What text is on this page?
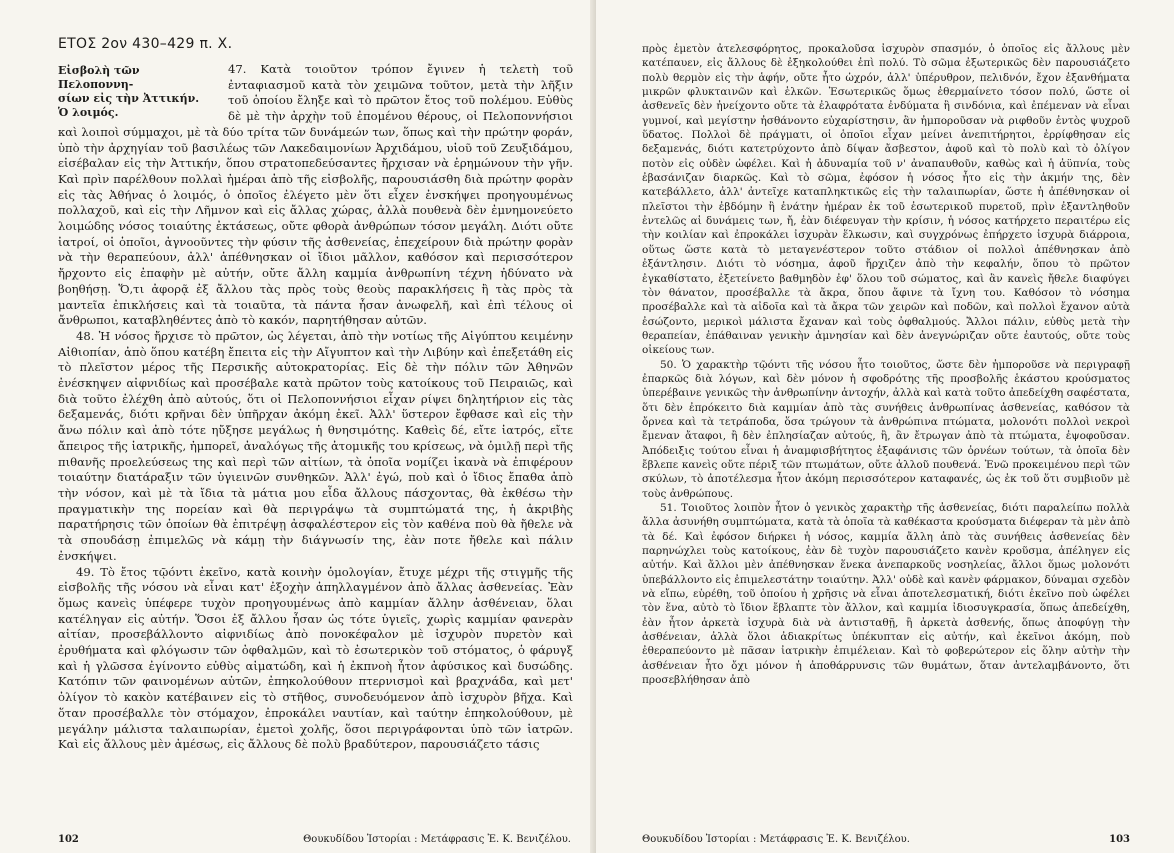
ΕΤΟΣ 2ον 430–429 π. Χ.
Εἰσβολὴ τῶν Πελοποννη-
σίων εἰς τὴν Ἀττικήν.
Ὁ λοιμός.

47. Κατὰ τοιοῦτον τρόπον ἔγινεν ἡ τελετὴ τοῦ ἐνταφιασμοῦ κατὰ τὸν χειμῶνα τοῦτον, μετὰ τὴν λῆξιν τοῦ ὁποίου ἔληξε καὶ τὸ πρῶτον ἔτος τοῦ πολέμου. Εὐθὺς δὲ μὲ τὴν ἀρχὴν τοῦ ἐπομένου θέρους, οἱ Πελοποννήσιοι καὶ λοιποὶ σύμμαχοι, μὲ τὰ δύο τρίτα τῶν δυνάμεών των, ὅπως καὶ τὴν πρώτην φοράν, ὑπὸ τὴν ἀρχηγίαν τοῦ βασιλέως τῶν Λακεδαιμονίων Ἀρχιδάμου, υἱοῦ τοῦ Ζευξιδάμου, εἰσέβαλαν εἰς τὴν Ἀττικήν, ὅπου στρατοπεδεύσαντες ἤρχισαν νὰ ἐρημώνουν τὴν γῆν. Καὶ πρὶν παρέλθουν πολλαὶ ἡμέραι ἀπὸ τῆς εἰσβολῆς, παρουσιάσθη διὰ πρώτην φορὰν εἰς τὰς Ἀθήνας ὁ λοιμός, ὁ ὁποῖος ἐλέγετο μὲν ὅτι εἶχεν ἐνσκήψει προηγουμένως πολλαχοῦ, καὶ εἰς τὴν Λῆμνον καὶ εἰς ἄλλας χώρας, ἀλλὰ πουθενὰ δὲν ἐμνημονεύετο λοιμώδης νόσος τοιαύτης ἐκτάσεως, οὔτε φθορὰ ἀνθρώπων τόσον μεγάλη. Διότι οὔτε ἰατροί, οἱ ὁποῖοι, ἀγνοοῦντες τὴν φύσιν τῆς ἀσθενείας, ἐπεχείρουν διὰ πρώτην φορὰν νὰ τὴν θεραπεύουν, ἀλλ' ἀπέθνησκαν οἱ ἴδιοι μᾶλλον, καθόσον καὶ περισσότερον ἤρχοντο εἰς ἐπαφὴν μὲ αὐτήν, οὔτε ἄλλη καμμία ἀνθρωπίνη τέχνη ἠδύνατο νὰ βοηθήσῃ. Ὅ,τι ἀφορᾷ ἐξ ἄλλου τὰς πρὸς τοὺς θεοὺς παρακλήσεις ἢ τὰς πρὸς τὰ μαντεῖα ἐπικλήσεις καὶ τὰ τοιαῦτα, τὰ πάντα ἦσαν ἀνωφελῆ, καὶ ἐπὶ τέλους οἱ ἄνθρωποι, καταβληθέντες ἀπὸ τὸ κακόν, παρητήθησαν αὐτῶν.

48. Ἡ νόσος ἤρχισε τὸ πρῶτον, ὡς λέγεται, ἀπὸ τὴν νοτίως τῆς Αἰγύπτου κειμένην Αἰθιοπίαν, ἀπὸ ὅπου κατέβη ἔπειτα εἰς τὴν Αἴγυπτον καὶ τὴν Λιβύην καὶ ἐπεξετάθη εἰς τὸ πλεῖστον μέρος τῆς Περσικῆς αὐτοκρατορίας. Εἰς δὲ τὴν πόλιν τῶν Ἀθηνῶν ἐνέσκηψεν αἰφνιδίως καὶ προσέβαλε κατὰ πρῶτον τοὺς κατοίκους τοῦ Πειραιῶς, καὶ διὰ τοῦτο ἐλέχθη ἀπὸ αὐτούς, ὅτι οἱ Πελοποννήσιοι εἶχαν ρίψει δηλητήριον εἰς τὰς δεξαμενάς, διότι κρῆναι δὲν ὑπῆρχαν ἀκόμη ἐκεῖ. Ἀλλ' ὕστερον ἔφθασε καὶ εἰς τὴν ἄνω πόλιν καὶ ἀπὸ τότε ηὔξησε μεγάλως ἡ θνησιμότης. Καθεὶς δέ, εἴτε ἰατρός, εἴτε ἄπειρος τῆς ἰατρικῆς, ἠμπορεῖ, ἀναλόγως τῆς ἀτομικῆς του κρίσεως, νὰ ὁμιλῇ περὶ τῆς πιθανῆς προελεύσεως της καὶ περὶ τῶν αἰτίων, τὰ ὁποῖα νομίζει ἱκανὰ νὰ ἐπιφέρουν τοιαύτην διατάραξιν τῶν ὑγιεινῶν συνθηκῶν. Ἀλλ' ἐγώ, ποὺ καὶ ὁ ἴδιος ἔπαθα ἀπὸ τὴν νόσον, καὶ μὲ τὰ ἴδια τὰ μάτια μου εἶδα ἄλλους πάσχοντας, θὰ ἐκθέσω τὴν πραγματικὴν της πορείαν καὶ θὰ περιγράψω τὰ συμπτώματά της, ἡ ἀκριβὴς παρατήρησις τῶν ὁποίων θὰ ἐπιτρέψῃ ἀσφαλέστερον εἰς τὸν καθένα ποὺ θὰ ἤθελε νὰ τὰ σπουδάσῃ ἐπιμελῶς νὰ κάμῃ τὴν διάγνωσίν της, ἐὰν ποτε ἤθελε καὶ πάλιν ἐνσκήψει.

49. Τὸ ἔτος τῷόντι ἐκεῖνο, κατὰ κοινὴν ὁμολογίαν, ἔτυχε μέχρι τῆς στιγμῆς τῆς εἰσβολῆς τῆς νόσου νὰ εἶναι κατ' ἐξοχὴν ἀπηλλαγμένον ἀπὸ ἄλλας ἀσθενείας. Ἐὰν ὅμως κανεὶς ὑπέφερε τυχὸν προηγουμένως ἀπὸ καμμίαν ἄλλην ἀσθένειαν, ὅλαι κατέληγαν εἰς αὐτήν. Ὅσοι ἐξ ἄλλου ἦσαν ὡς τότε ὑγιεῖς, χωρὶς καμμίαν φανερὰν αἰτίαν, προσεβάλλοντο αἰφνιδίως ἀπὸ πονοκέφαλον μὲ ἰσχυρὸν πυρετὸν καὶ ἐρυθήματα καὶ φλόγωσιν τῶν ὀφθαλμῶν, καὶ τὸ ἐσωτερικὸν τοῦ στόματος, ὁ φάρυγξ καὶ ἡ γλῶσσα ἐγίνοντο εὐθὺς αἱματώδη, καὶ ἡ ἐκπνοὴ ἦτον ἀφύσικος καὶ δυσώδης. Κατόπιν τῶν φαινομένων αὐτῶν, ἐπηκολούθουν πτερνισμοὶ καὶ βραχνάδα, καὶ μετ' ὀλίγον τὸ κακὸν κατέβαινεν εἰς τὸ στῆθος, συνοδευόμενον ἀπὸ ἰσχυρὸν βῆχα. Καὶ ὅταν προσέβαλλε τὸν στόμαχον, ἐπροκάλει ναυτίαν, καὶ ταύτην ἐπηκολούθουν, μὲ μεγάλην μάλιστα ταλαιπωρίαν, ἐμετοὶ χολῆς, ὅσοι περιγράφονται ὑπὸ τῶν ἰατρῶν. Καὶ εἰς ἄλλους μὲν ἀμέσως, εἰς ἄλλους δὲ πολὺ βραδύτερον, παρουσιάζετο τάσις

102	Θουκυδίδου Ἱστορίαι : Μετάφρασις Ἐ. Κ. Βενιζέλου.

πρὸς ἐμετὸν ἀτελεσφόρητος, προκαλοῦσα ἰσχυρὸν σπασμόν, ὁ ὁποῖος εἰς ἄλλους μὲν κατέπαυεν, εἰς ἄλλους δὲ ἐξηκολούθει ἐπὶ πολύ. Τὸ σῶμα ἐξωτερικῶς δὲν παρουσιάζετο πολὺ θερμὸν εἰς τὴν ἁφήν, οὔτε ἦτο ὠχρόν, ἀλλ' ὑπέρυθρον, πελιδνόν, ἔχον ἐξανθήματα μικρῶν φλυκταινῶν καὶ ἑλκῶν. Ἐσωτερικῶς ὅμως ἐθερμαίνετο τόσον πολύ, ὥστε οἱ ἀσθενεῖς δὲν ἠνείχοντο οὔτε τὰ ἐλαφρότατα ἐνδύματα ἢ σινδόνια, καὶ ἐπέμεναν νὰ εἶναι γυμνοί, καὶ μεγίστην ἠσθάνοντο εὐχαρίστησιν, ἂν ἠμποροῦσαν νὰ ριφθοῦν ἐντὸς ψυχροῦ ὕδατος. Πολλοὶ δὲ πράγματι, οἱ ὁποῖοι εἶχαν μείνει ἀνεπιτήρητοι, ἐρρίφθησαν εἰς δεξαμενάς, διότι κατετρύχοντο ἀπὸ δίψαν ἄσβεστον, ἀφοῦ καὶ τὸ πολὺ καὶ τὸ ὀλίγον ποτὸν εἰς οὐδὲν ὠφέλει. Καὶ ἡ ἀδυναμία τοῦ ν' ἀναπαυθοῦν, καθὼς καὶ ἡ ἀϋπνία, τοὺς ἐβασάνιζαν διαρκῶς. Καὶ τὸ σῶμα, ἐφόσον ἡ νόσος ἦτο εἰς τὴν ἀκμήν της, δὲν κατεβάλλετο, ἀλλ' ἀντεῖχε καταπληκτικῶς εἰς τὴν ταλαιπωρίαν, ὥστε ἡ ἀπέθνησκαν οἱ πλεῖστοι τὴν ἐβδόμην ἢ ἐνάτην ἡμέραν ἐκ τοῦ ἐσωτερικοῦ πυρετοῦ, πρὶν ἐξαντληθοῦν ἐντελῶς αἱ δυνάμεις των, ἤ, ἐὰν διέφευγαν τὴν κρίσιν, ἡ νόσος κατήρχετο περαιτέρω εἰς τὴν κοιλίαν καὶ ἐπροκάλει ἰσχυρὰν ἕλκωσιν, καὶ συγχρόνως ἐπήρχετο ἰσχυρὰ διάρροια, οὕτως ὥστε κατὰ τὸ μεταγενέστερον τοῦτο στάδιον οἱ πολλοὶ ἀπέθνησκαν ἀπὸ ἐξάντλησιν. Διότι τὸ νόσημα, ἀφοῦ ἤρχιζεν ἀπὸ τὴν κεφαλήν, ὅπου τὸ πρῶτον ἐγκαθίστατο, ἐξετείνετο βαθμηδὸν ἐφ' ὅλου τοῦ σώματος, καὶ ἂν κανεὶς ἤθελε διαφύγει τὸν θάνατον, προσέβαλλε τὰ ἄκρα, ὅπου ἄφινε τὰ ἴχνη του. Καθόσον τὸ νόσημα προσέβαλλε καὶ τὰ αἰδοῖα καὶ τὰ ἄκρα τῶν χειρῶν καὶ ποδῶν, καὶ πολλοὶ ἔχανον αὐτὰ ἐσώζοντο, μερικοὶ μάλιστα ἔχαναν καὶ τοὺς ὀφθαλμούς. Ἄλλοι πάλιν, εὐθὺς μετὰ τὴν θεραπείαν, ἐπάθαιναν γενικὴν ἀμνησίαν καὶ δὲν ἀνεγνώριζαν οὔτε ἑαυτούς, οὔτε τοὺς οἰκείους των.

50. Ὁ χαρακτὴρ τῷόντι τῆς νόσου ἦτο τοιοῦτος, ὥστε δὲν ἠμποροῦσε νὰ περιγραφῇ ἐπαρκῶς διὰ λόγων, καὶ δὲν μόνον ἡ σφοδρότης τῆς προσβολῆς ἑκάστου κρούσματος ὑπερέβαινε γενικῶς τὴν ἀνθρωπίνην ἀντοχήν, ἀλλὰ καὶ κατὰ τοῦτο ἀπεδείχθη σαφέστατα, ὅτι δὲν ἐπρόκειτο διὰ καμμίαν ἀπὸ τὰς συνήθεις ἀνθρωπίνας ἀσθενείας, καθόσον τὰ ὄρνεα καὶ τὰ τετράποδα, ὅσα τρώγουν τὰ ἀνθρώπινα πτώματα, μολονότι πολλοὶ νεκροὶ ἔμεναν ἄταφοι, ἢ δὲν ἐπλησίαζαν αὐτούς, ἢ, ἂν ἔτρωγαν ἀπὸ τὰ πτώματα, ἐψοφοῦσαν. Ἀπόδειξις τούτου εἶναι ἡ ἀναμφισβήτητος ἐξαφάνισις τῶν ὀρνέων τούτων, τὰ ὁποῖα δὲν ἔβλεπε κανεὶς οὔτε πέριξ τῶν πτωμάτων, οὔτε ἀλλοῦ πουθενά. Ἐνῶ προκειμένου περὶ τῶν σκύλων, τὸ ἀποτέλεσμα ἦτον ἀκόμη περισσότερον καταφανές, ὡς ἐκ τοῦ ὅτι συμβιοῦν μὲ τοὺς ἀνθρώπους.

51. Τοιοῦτος λοιπὸν ἦτον ὁ γενικὸς χαρακτὴρ τῆς ἀσθενείας, διότι παραλείπω πολλὰ ἄλλα ἀσυνήθη συμπτώματα, κατὰ τὰ ὁποῖα τὰ καθέκαστα κρούσματα διέφεραν τὰ μὲν ἀπὸ τὰ δέ. Καὶ ἐφόσον διήρκει ἡ νόσος, καμμία ἄλλη ἀπὸ τὰς συνήθεις ἀσθενείας δὲν παρηνώχλει τοὺς κατοίκους, ἐὰν δὲ τυχὸν παρουσιάζετο κανὲν κροῦσμα, ἀπέληγεν εἰς αὐτήν. Καὶ ἄλλοι μὲν ἀπέθνησκαν ἕνεκα ἀνεπαρκοῦς νοσηλείας, ἄλλοι ὅμως μολονότι ὑπεβάλλοντο εἰς ἐπιμελεστάτην τοιαύτην. Ἀλλ' οὐδὲ καὶ κανὲν φάρμακον, δύναμαι σχεδὸν νὰ εἴπω, εὑρέθη, τοῦ ὁποίου ἡ χρῆσις νὰ εἶναι ἀποτελεσματική, διότι ἐκεῖνο ποὺ ὠφέλει τὸν ἕνα, αὐτὸ τὸ ἴδιον ἔβλαπτε τὸν ἄλλον, καὶ καμμία ἰδιοσυγκρασία, ὅπως ἀπεδείχθη, ἐὰν ἦτον ἀρκετὰ ἰσχυρὰ διὰ νὰ ἀντισταθῇ, ἢ ἀρκετὰ ἀσθενής, ὅπως ἀποφύγῃ τὴν ἀσθένειαν, ἀλλὰ ὅλοι ἀδιακρίτως ὑπέκυπταν εἰς αὐτήν, καὶ ἐκεῖνοι ἀκόμη, ποὺ ἐθεραπεύοντο μὲ πᾶσαν ἰατρικὴν ἐπιμέλειαν. Καὶ τὸ φοβερώτερον εἰς ὅλην αὐτὴν τὴν ἀσθένειαν ἦτο ὄχι μόνον ἡ ἀποθάρρυνσις τῶν θυμάτων, ὅταν ἀντελαμβάνοντο, ὅτι προσεβλήθησαν ἀπὸ

Θουκυδίδου Ἱστορίαι : Μετάφρασις Ἐ. Κ. Βενιζέλου.	103
